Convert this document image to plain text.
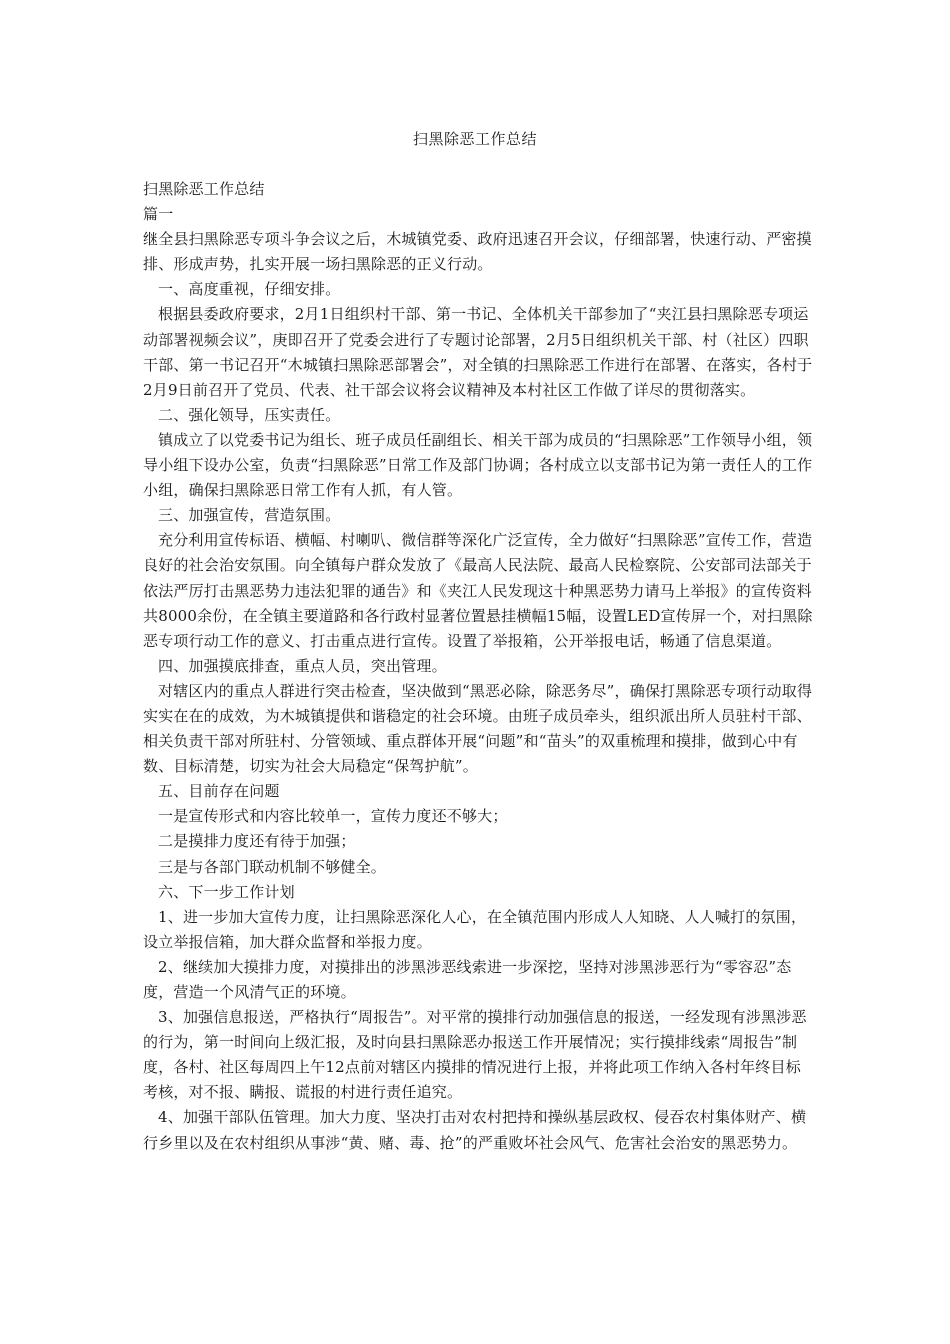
扫黑除恶工作总结

扫黑除恶工作总结

篇一

继全县扫黑除恶专项斗争会议之后，木城镇党委、政府迅速召开会议，仔细部署，快速行动、严密摸排、形成声势，扎实开展一场扫黑除恶的正义行动。

一、高度重视，仔细安排。

根据县委政府要求，2月1日组织村干部、第一书记、全体机关干部参加了“夹江县扫黑除恶专项运动部署视频会议”，庚即召开了党委会进行了专题讨论部署，2月5日组织机关干部、村（社区）四职干部、第一书记召开“木城镇扫黑除恶部署会”，对全镇的扫黑除恶工作进行在部署、在落实，各村于2月9日前召开了党员、代表、社干部会议将会议精神及本村社区工作做了详尽的贯彻落实。

二、强化领导，压实责任。

镇成立了以党委书记为组长、班子成员任副组长、相关干部为成员的“扫黑除恶”工作领导小组，领导小组下设办公室，负责“扫黑除恶”日常工作及部门协调；各村成立以支部书记为第一责任人的工作小组，确保扫黑除恶日常工作有人抓，有人管。

三、加强宣传，营造氛围。

充分利用宣传标语、横幅、村喇叭、微信群等深化广泛宣传，全力做好“扫黑除恶”宣传工作，营造良好的社会治安氛围。向全镇每户群众发放了《最高人民法院、最高人民检察院、公安部司法部关于依法严厉打击黑恶势力违法犯罪的通告》和《夹江人民发现这十种黑恶势力请马上举报》的宣传资料共8000余份，在全镇主要道路和各行政村显著位置悬挂横幅15幅，设置LED宣传屏一个，对扫黑除恶专项行动工作的意义、打击重点进行宣传。设置了举报箱，公开举报电话，畅通了信息渠道。

四、加强摸底排查，重点人员，突出管理。

对辖区内的重点人群进行突击检查，坚决做到“黑恶必除，除恶务尽”，确保打黑除恶专项行动取得实实在在的成效，为木城镇提供和谐稳定的社会环境。由班子成员牵头，组织派出所人员驻村干部、相关负责干部对所驻村、分管领域、重点群体开展“问题”和“苗头”的双重梳理和摸排，做到心中有数、目标清楚，切实为社会大局稳定“保驾护航”。

五、目前存在问题

一是宣传形式和内容比较单一，宣传力度还不够大；

二是摸排力度还有待于加强；

三是与各部门联动机制不够健全。

六、下一步工作计划

1、进一步加大宣传力度，让扫黑除恶深化人心，在全镇范围内形成人人知晓、人人喊打的氛围，设立举报信箱，加大群众监督和举报力度。

2、继续加大摸排力度，对摸排出的涉黑涉恶线索进一步深挖，坚持对涉黑涉恶行为“零容忍”态度，营造一个风清气正的环境。

3、加强信息报送，严格执行“周报告”。对平常的摸排行动加强信息的报送，一经发现有涉黑涉恶的行为，第一时间向上级汇报，及时向县扫黑除恶办报送工作开展情况；实行摸排线索“周报告”制度，各村、社区每周四上午12点前对辖区内摸排的情况进行上报，并将此项工作纳入各村年终目标考核，对不报、瞒报、谎报的村进行责任追究。

4、加强干部队伍管理。加大力度、坚决打击对农村把持和操纵基层政权、侵吞农村集体财产、横行乡里以及在农村组织从事涉“黄、赌、毒、抢”的严重败坏社会风气、危害社会治安的黑恶势力。
